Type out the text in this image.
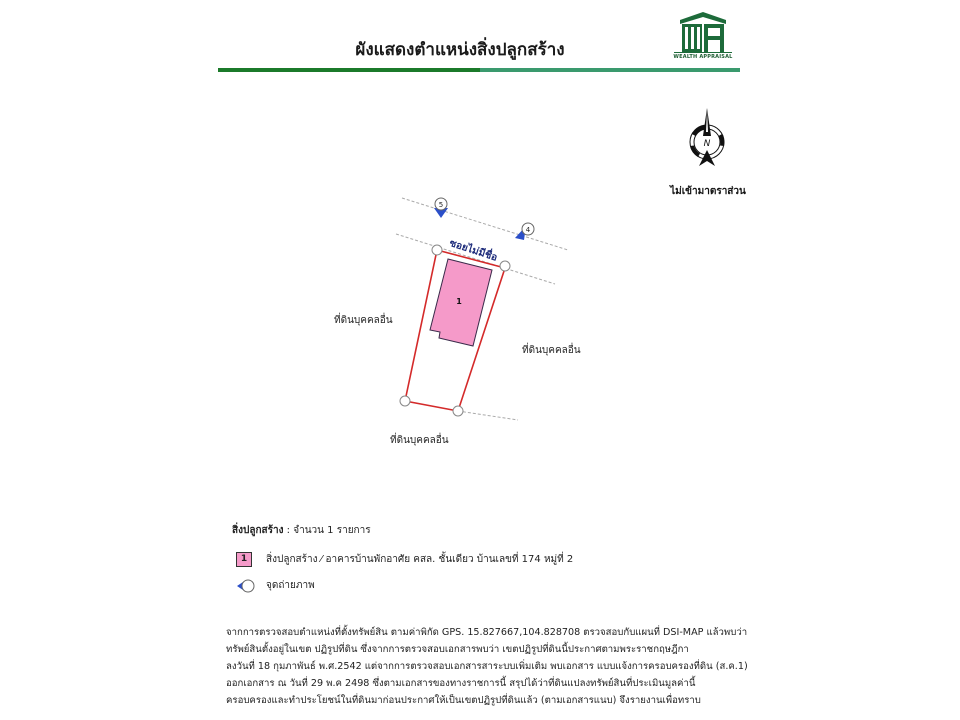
ผังแสดงตำแหน่งสิ่งปลูกสร้าง	WEALTH APPRAISAL
N
ไม่เข้ามาตราส่วน
1
5
4
ซอยไม่มีชื่อ
ที่ดินบุคคลอื่น
ที่ดินบุคคลอื่น
ที่ดินบุคคลอื่น
สิ่งปลูกสร้าง : จำนวน 1 รายการ
1	สิ่งปลูกสร้าง ⁄ อาคารบ้านพักอาศัย คสล. ชั้นเดียว บ้านเลขที่ 174 หมู่ที่ 2
จุดถ่ายภาพ
จากการตรวจสอบตำแหน่งที่ตั้งทรัพย์สิน ตามค่าพิกัด GPS. 15.827667,104.828708 ตรวจสอบกับแผนที่ DSI-MAP แล้วพบว่า
ทรัพย์สินตั้งอยู่ในเขต ปฏิรูปที่ดิน ซึ่งจากการตรวจสอบเอกสารพบว่า เขตปฏิรูปที่ดินนี้ประกาศตามพระราชกฤษฎีกา
ลงวันที่ 18 กุมภาพันธ์ พ.ศ.2542 แต่จากการตรวจสอบเอกสารสาระบบเพิ่มเติม พบเอกสาร แบบแจ้งการครอบครองที่ดิน (ส.ค.1)
ออกเอกสาร ณ วันที่ 29 พ.ค 2498 ซึ่งตามเอกสารของทางราชการนี้ สรุปได้ว่าที่ดินแปลงทรัพย์สินที่ประเมินมูลค่านี้
ครอบครองและทำประโยชน์ในที่ดินมาก่อนประกาศให้เป็นเขตปฏิรูปที่ดินแล้ว (ตามเอกสารแนบ) จึงรายงานเพื่อทราบ
